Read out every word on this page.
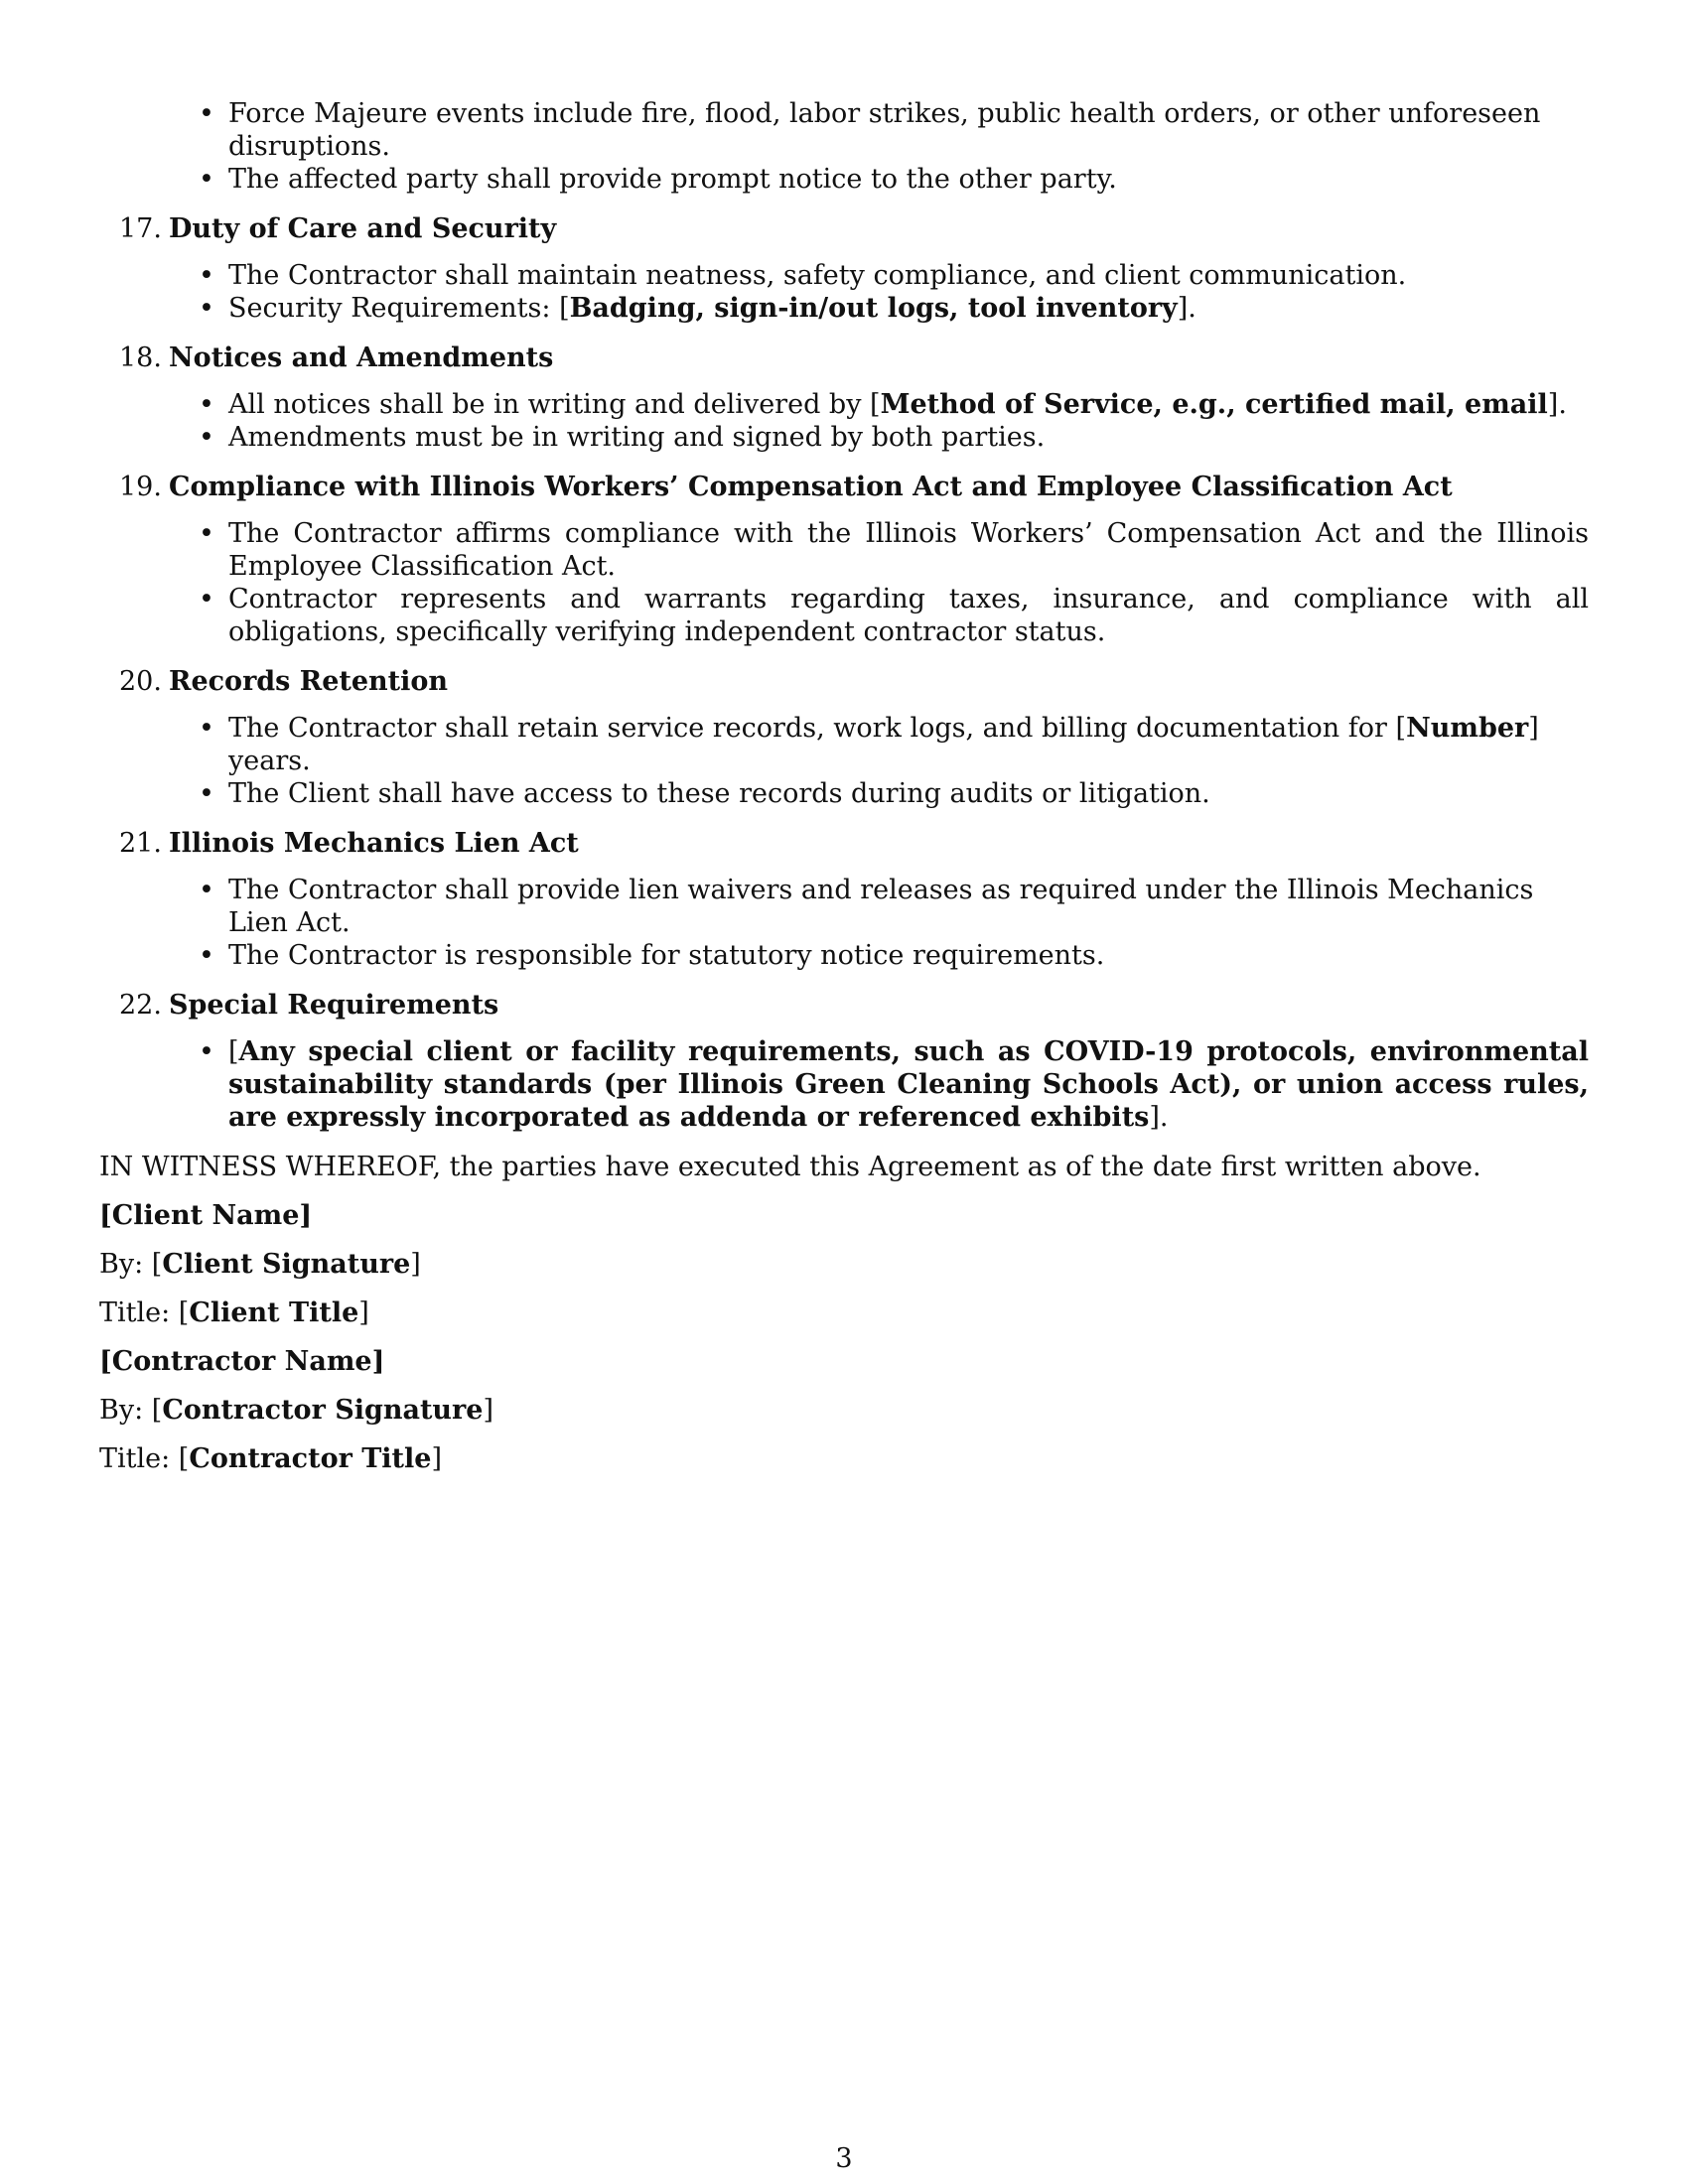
• Force Majeure events include fire, flood, labor strikes, public health orders, or other unforeseen disruptions.
• The affected party shall provide prompt notice to the other party.
17. Duty of Care and Security
• The Contractor shall maintain neatness, safety compliance, and client communication.
• Security Requirements: [Badging, sign-in/out logs, tool inventory].
18. Notices and Amendments
• All notices shall be in writing and delivered by [Method of Service, e.g., certified mail, email].
• Amendments must be in writing and signed by both parties.
19. Compliance with Illinois Workers’ Compensation Act and Employee Classification Act
• The Contractor affirms compliance with the Illinois Workers’ Compensation Act and the Illinois Employee Classification Act.
• Contractor represents and warrants regarding taxes, insurance, and compliance with all obligations, specifically verifying independent contractor status.
20. Records Retention
• The Contractor shall retain service records, work logs, and billing documentation for [Number] years.
• The Client shall have access to these records during audits or litigation.
21. Illinois Mechanics Lien Act
• The Contractor shall provide lien waivers and releases as required under the Illinois Mechanics Lien Act.
• The Contractor is responsible for statutory notice requirements.
22. Special Requirements
• [Any special client or facility requirements, such as COVID-19 protocols, environmental sustainability standards (per Illinois Green Cleaning Schools Act), or union access rules, are expressly incorporated as addenda or referenced exhibits].
IN WITNESS WHEREOF, the parties have executed this Agreement as of the date first written above.
[Client Name]
By: [Client Signature]
Title: [Client Title]
[Contractor Name]
By: [Contractor Signature]
Title: [Contractor Title]
3
